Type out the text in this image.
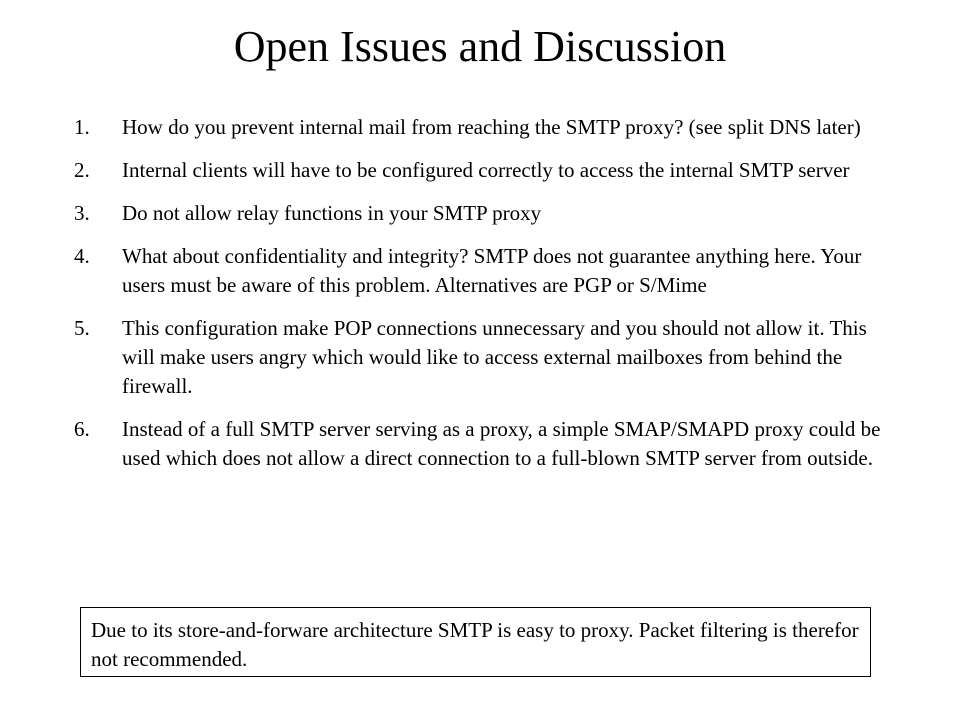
Open Issues and Discussion
1.	How do you prevent internal mail from reaching the SMTP proxy? (see split DNS later)
2.	Internal clients will have to be configured correctly to access the internal SMTP server
3.	Do not allow relay functions in your SMTP proxy
4.	What about confidentiality and integrity? SMTP does not guarantee anything here. Your users must be aware of this problem. Alternatives are PGP or S/Mime
5.	This configuration make POP connections unnecessary and you should not allow it. This will make users angry which would like to access external mailboxes from behind the firewall.
6.	Instead of a full SMTP server serving as a proxy, a simple SMAP/SMAPD proxy could be used which does not allow a direct connection to a full-blown SMTP server from outside.
Due to its store-and-forware architecture SMTP is easy to proxy. Packet filtering is therefor not recommended.
